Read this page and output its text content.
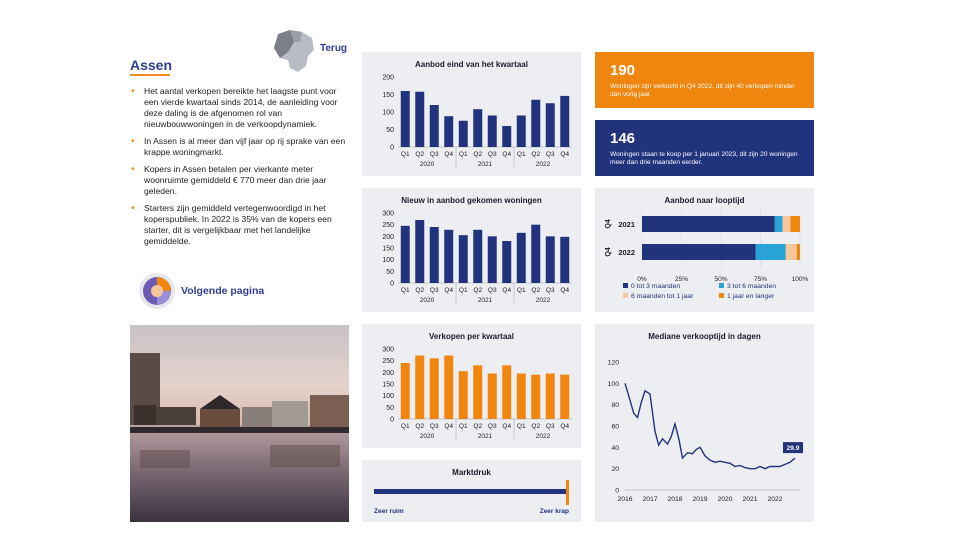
Assen
• Het aantal verkopen bereikte het laagste punt voor een vierde kwartaal sinds 2014, de aanleiding voor deze daling is de afgenomen rol van nieuwbouwwoningen in de verkoopdynamiek.
• In Assen is al meer dan vijf jaar op rij sprake van een krappe woningmarkt.
• Kopers in Assen betalen per vierkante meter woonruimte gemiddeld € 770 meer dan drie jaar geleden.
• Starters zijn gemiddeld vertegenwoordigd in het koperspubliek. In 2022 is 35% van de kopers een starter, dit is vergelijkbaar met het landelijke gemiddelde.
Terug
Volgende pagina
Aanbod eind van het kwartaal
0
50
100
150
200
Q1 Q2 Q3 Q4 Q1 Q2 Q3 Q4 Q1 Q2 Q3 Q4
2020	2021	2022
Nieuw in aanbod gekomen woningen
0
50
100
150
200
250
300
Q1 Q2 Q3 Q4 Q1 Q2 Q3 Q4 Q1 Q2 Q3 Q4
2020	2021	2022
Verkopen per kwartaal
0
50
100
150
200
250
300
Q1 Q2 Q3 Q4 Q1 Q2 Q3 Q4 Q1 Q2 Q3 Q4
2020	2021	2022
Marktdruk
Zeer ruim	Zeer krap
190
Woningen zijn verkocht in Q4 2022, dit zijn 40 verkopen minder dan vorig jaar.
146
Woningen staan te koop per 1 januari 2023, dit zijn 20 woningen meer dan drie maanden eerder.
Aanbod naar looptijd
0%	25%	50%	75%	100%
2021
Q4
2022
Q4
0 tot 3 maanden	3 tot 6 maanden
6 maanden tot 1 jaar	1 jaar en langer
Mediane verkooptijd in dagen
0
20
40
60
80
100
120
2016 2017 2018 2019 2020 2021 2022
29.9
